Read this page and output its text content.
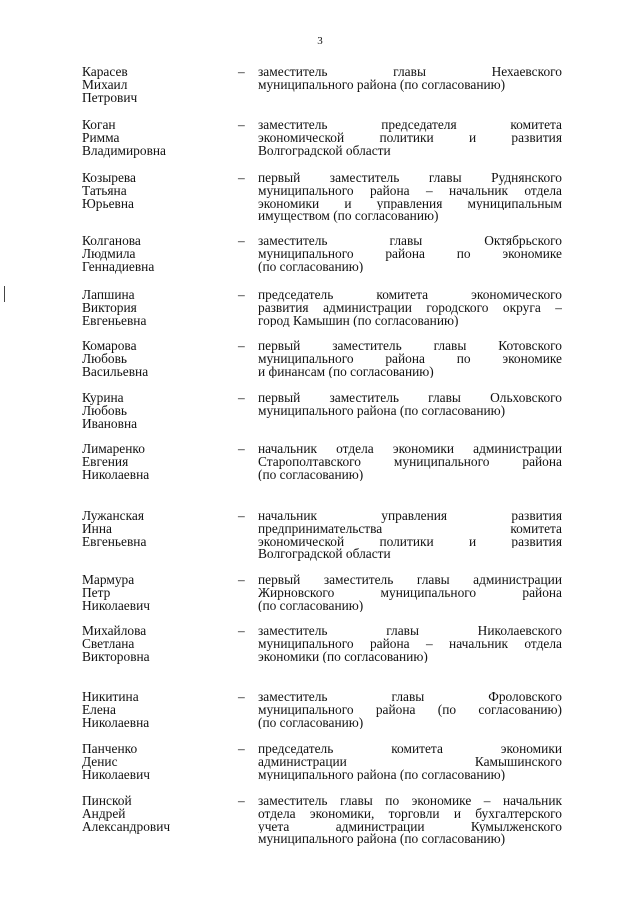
3
Карасев
Михаил
Петрович
– заместитель главы Нехаевского
муниципального района (по согласованию)
Коган
Римма
Владимировна
– заместитель председателя комитета
экономической политики и развития
Волгоградской области
Козырева
Татьяна
Юрьевна
– первый заместитель главы Руднянского
муниципального района – начальник отдела
экономики и управления муниципальным
имуществом (по согласованию)
Колганова
Людмила
Геннадиевна
– заместитель главы Октябрьского
муниципального района по экономике
(по согласованию)
Лапшина
Виктория
Евгеньевна
– председатель комитета экономического
развития администрации городского округа –
город Камышин (по согласованию)
Комарова
Любовь
Васильевна
– первый заместитель главы Котовского
муниципального района по экономике
и финансам (по согласованию)
Курина
Любовь
Ивановна
– первый заместитель главы Ольховского
муниципального района (по согласованию)
Лимаренко
Евгения
Николаевна
– начальник отдела экономики администрации
Старополтавского муниципального района
(по согласованию)
Лужанская
Инна
Евгеньевна
– начальник управления развития
предпринимательства комитета
экономической политики и развития
Волгоградской области
Мармура
Петр
Николаевич
– первый заместитель главы администрации
Жирновского муниципального района
(по согласованию)
Михайлова
Светлана
Викторовна
– заместитель главы Николаевского
муниципального района – начальник отдела
экономики (по согласованию)
Никитина
Елена
Николаевна
– заместитель главы Фроловского
муниципального района (по согласованию)
(по согласованию)
Панченко
Денис
Николаевич
– председатель комитета экономики
администрации Камышинского
муниципального района (по согласованию)
Пинской
Андрей
Александрович
– заместитель главы по экономике – начальник
отдела экономики, торговли и бухгалтерского
учета администрации Кумылженского
муниципального района (по согласованию)
